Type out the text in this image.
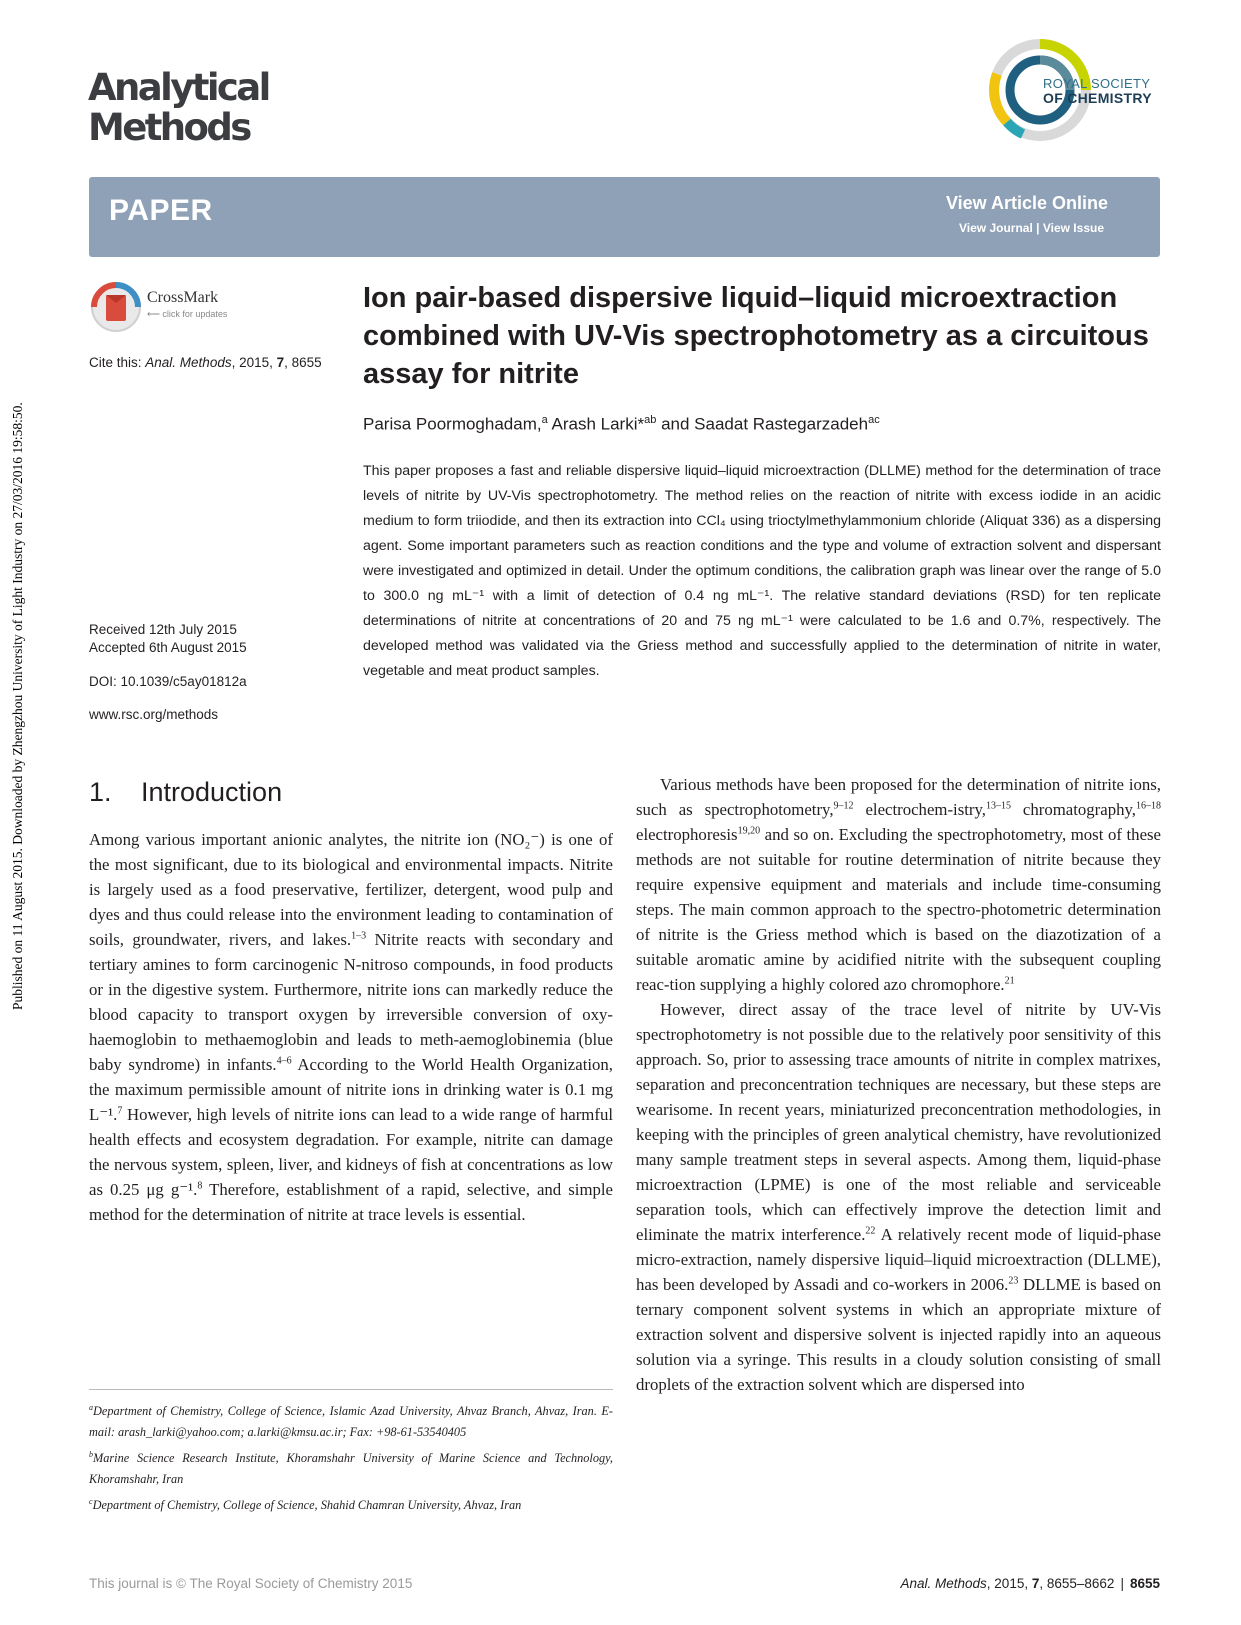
Published on 11 August 2015. Downloaded by Zhengzhou University of Light Industry on 27/03/2016 19:58:50.
Analytical
Methods
ROYAL SOCIETY
OF CHEMISTRY
PAPER	View Article Online
View Journal | View Issue
CrossMark
⟵ click for updates
Cite this: Anal. Methods, 2015, 7, 8655
Ion pair-based dispersive liquid–liquid microextraction combined with UV-Vis spectrophotometry as a circuitous assay for nitrite
Parisa Poormoghadam,$^a$ Arash Larki*$^{ab}$ and Saadat Rastegarzadeh$^{ac}$
This paper proposes a fast and reliable dispersive liquid–liquid microextraction (DLLME) method for the determination of trace levels of nitrite by UV-Vis spectrophotometry. The method relies on the reaction of nitrite with excess iodide in an acidic medium to form triiodide, and then its extraction into CCl₄ using trioctylmethylammonium chloride (Aliquat 336) as a dispersing agent. Some important parameters such as reaction conditions and the type and volume of extraction solvent and dispersant were investigated and optimized in detail. Under the optimum conditions, the calibration graph was linear over the range of 5.0 to 300.0 ng mL⁻¹ with a limit of detection of 0.4 ng mL⁻¹. The relative standard deviations (RSD) for ten replicate determinations of nitrite at concentrations of 20 and 75 ng mL⁻¹ were calculated to be 1.6 and 0.7%, respectively. The developed method was validated via the Griess method and successfully applied to the determination of nitrite in water, vegetable and meat product samples.
Received 12th July 2015
Accepted 6th August 2015
DOI: 10.1039/c5ay01812a
www.rsc.org/methods
1. Introduction

Among various important anionic analytes, the nitrite ion (NO₂⁻) is one of the most significant, due to its biological and environmental impacts. Nitrite is largely used as a food preservative, fertilizer, detergent, wood pulp and dyes and thus could release into the environment leading to contamination of soils, groundwater, rivers, and lakes.$^{1-3}$ Nitrite reacts with secondary and tertiary amines to form carcinogenic N-nitroso compounds, in food products or in the digestive system. Furthermore, nitrite ions can markedly reduce the blood capacity to transport oxygen by irreversible conversion of oxy-haemoglobin to methaemoglobin and leads to meth-aemoglobinemia (blue baby syndrome) in infants.$^{4-6}$ According to the World Health Organization, the maximum permissible amount of nitrite ions in drinking water is 0.1 mg L⁻¹.$^7$ However, high levels of nitrite ions can lead to a wide range of harmful health effects and ecosystem degradation. For example, nitrite can damage the nervous system, spleen, liver, and kidneys of fish at concentrations as low as 0.25 μg g⁻¹.$^8$ Therefore, establishment of a rapid, selective, and simple method for the determination of nitrite at trace levels is essential.

Various methods have been proposed for the determination of nitrite ions, such as spectrophotometry,$^{9-12}$ electrochem-istry,$^{13-15}$ chromatography,$^{16-18}$ electrophoresis$^{19,20}$ and so on. Excluding the spectrophotometry, most of these methods are not suitable for routine determination of nitrite because they require expensive equipment and materials and include time-consuming steps. The main common approach to the spectro-photometric determination of nitrite is the Griess method which is based on the diazotization of a suitable aromatic amine by acidified nitrite with the subsequent coupling reac-tion supplying a highly colored azo chromophore.$^{21}$

However, direct assay of the trace level of nitrite by UV-Vis spectrophotometry is not possible due to the relatively poor sensitivity of this approach. So, prior to assessing trace amounts of nitrite in complex matrixes, separation and preconcentration techniques are necessary, but these steps are wearisome. In recent years, miniaturized preconcentration methodologies, in keeping with the principles of green analytical chemistry, have revolutionized many sample treatment steps in several aspects. Among them, liquid-phase microextraction (LPME) is one of the most reliable and serviceable separation tools, which can effectively improve the detection limit and eliminate the matrix interference.$^{22}$ A relatively recent mode of liquid-phase micro-extraction, namely dispersive liquid–liquid microextraction (DLLME), has been developed by Assadi and co-workers in 2006.23 DLLME is based on ternary component solvent systems in which an appropriate mixture of extraction solvent and dispersive solvent is injected rapidly into an aqueous solution via a syringe. This results in a cloudy solution consisting of small droplets of the extraction solvent which are dispersed into

$^a$Department of Chemistry, College of Science, Islamic Azad University, Ahvaz Branch, Ahvaz, Iran. E-mail: arash_larki@yahoo.com; a.larki@kmsu.ac.ir; Fax: +98-61-53540405

$^b$Marine Science Research Institute, Khoramshahr University of Marine Science and Technology, Khoramshahr, Iran

$^c$Department of Chemistry, College of Science, Shahid Chamran University, Ahvaz, Iran

This journal is © The Royal Society of Chemistry 2015	Anal. Methods, 2015, 7, 8655–8662 | 8655
